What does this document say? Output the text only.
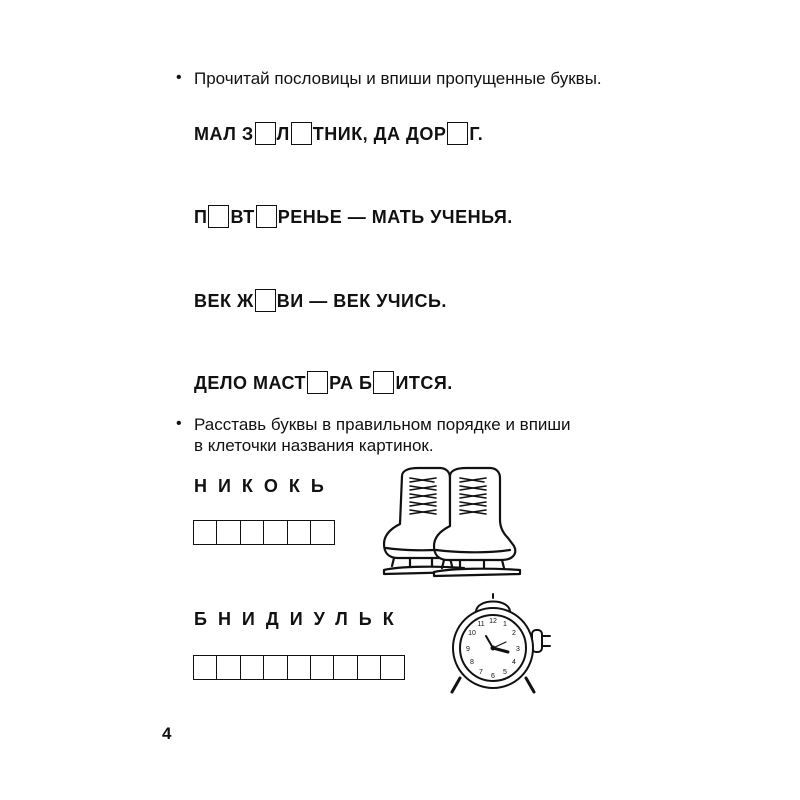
• Прочитай пословицы и впиши пропущенные буквы.
МАЛ З Л ТНИК, ДА ДОР Г.
П ВТ РЕНЬЕ — МАТЬ УЧЕНЬЯ.
ВЕК Ж ВИ — ВЕК УЧИСЬ.
ДЕЛО МАСТ РА Б ИТСЯ.
• Расставь буквы в правильном порядке и впиши
в клеточки названия картинок.
НИКОКЬ
БНИДИУЛЬК	12 1
2
3
4
5
6
7
8
9
10
11
4
